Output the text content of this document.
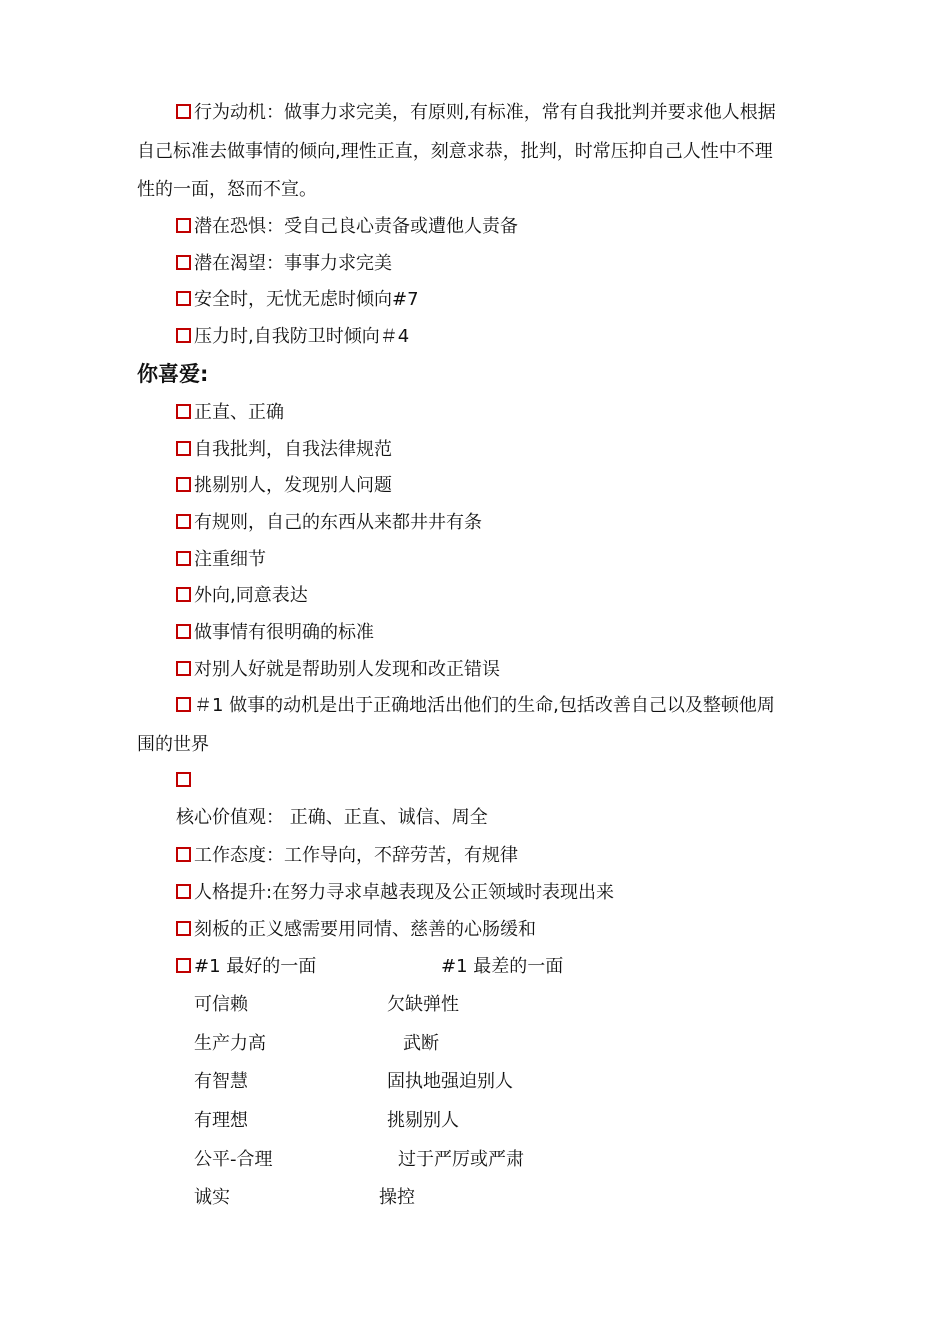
行为动机：做事力求完美，有原则,有标准，常有自我批判并要求他人根据
自己标准去做事情的倾向,理性正直，刻意求恭，批判，时常压抑自己人性中不理
性的一面，怒而不宣。
潜在恐惧：受自己良心责备或遭他人责备
潜在渴望：事事力求完美
安全时，无忧无虑时倾向#7
压力时,自我防卫时倾向＃4
你喜爱:
正直、正确
自我批判，自我法律规范
挑剔别人，发现别人问题
有规则，自己的东西从来都井井有条
注重细节
外向,同意表达
做事情有很明确的标准
对别人好就是帮助别人发现和改正错误
＃1 做事的动机是出于正确地活出他们的生命,包括改善自己以及整顿他周
围的世界
核心价值观： 正确、正直、诚信、周全
工作态度：工作导向，不辞劳苦，有规律
人格提升:在努力寻求卓越表现及公正领域时表现出来
刻板的正义感需要用同情、慈善的心肠缓和
#1 最好的一面	#1 最差的一面
可信赖	欠缺弹性
生产力高	武断
有智慧	固执地强迫别人
有理想	挑剔别人
公平-合理	过于严厉或严肃
诚实	操控
